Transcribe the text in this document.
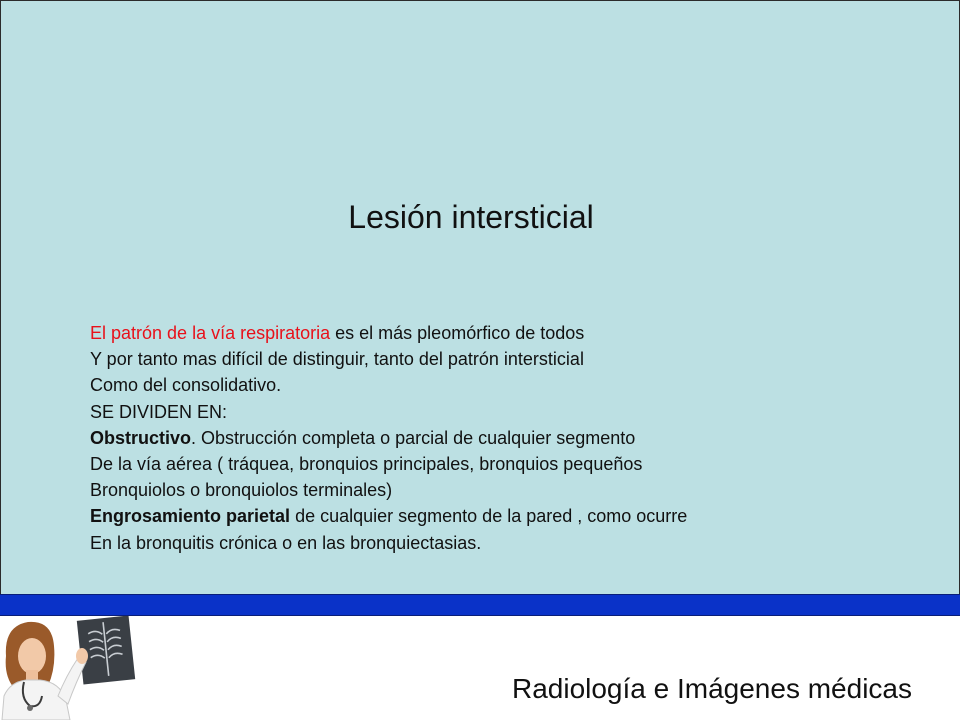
Lesión intersticial
El patrón de la vía respiratoria es el más pleomórfico de todos
Y por tanto mas difícil de distinguir, tanto del patrón intersticial
Como del consolidativo.
SE DIVIDEN EN:
Obstructivo. Obstrucción completa o parcial de cualquier segmento
De la vía aérea ( tráquea, bronquios principales, bronquios pequeños
Bronquiolos o bronquiolos terminales)
Engrosamiento parietal de cualquier segmento de la pared , como ocurre
En la bronquitis crónica o en las bronquiectasias.
Radiología e Imágenes médicas
